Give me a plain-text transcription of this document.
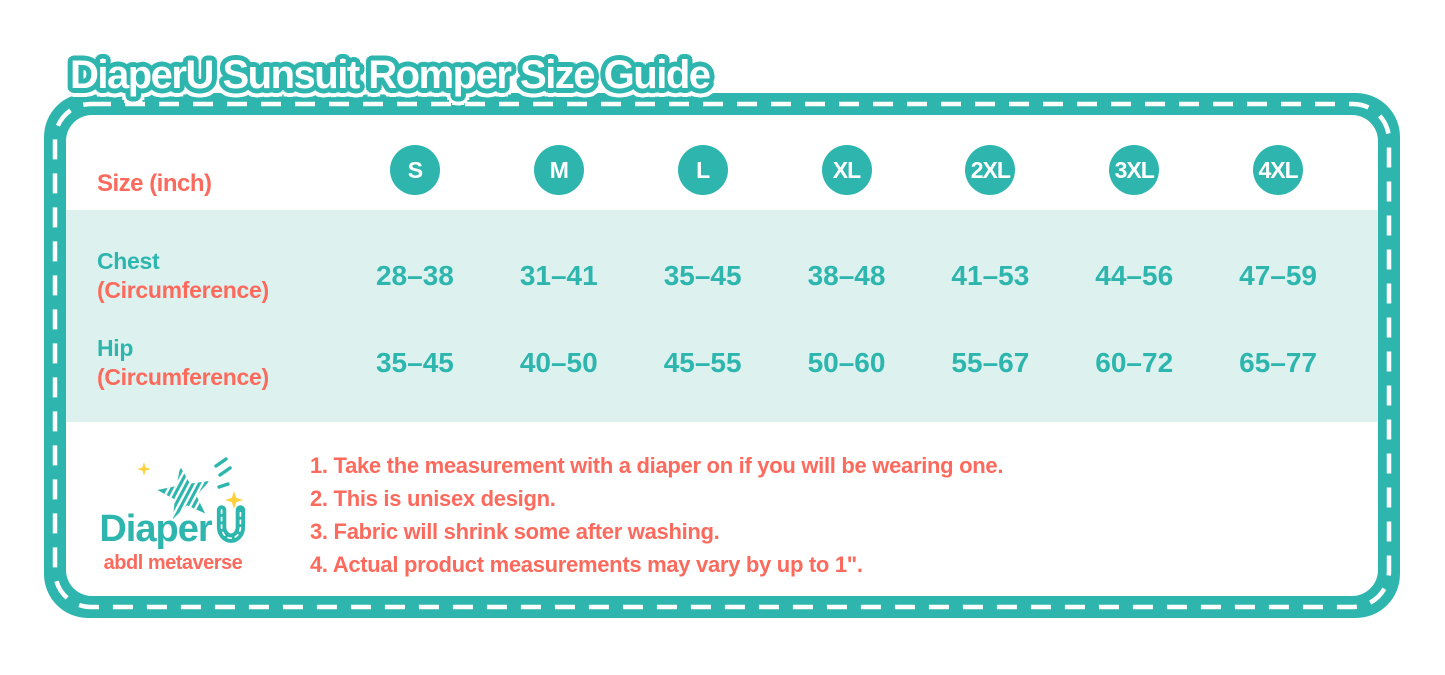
DiaperU Sunsuit Romper Size Guide
Size (inch)
S	M	L	XL	2XL	3XL	4XL
Chest
(Circumference)	28–38	31–41	35–45	38–48	41–53	44–56	47–59
Hip
(Circumference)	35–45	40–50	45–55	50–60	55–67	60–72	65–77
Diaper
abdl metaverse
1. Take the measurement with a diaper on if you will be wearing one.
2. This is unisex design.
3. Fabric will shrink some after washing.
4. Actual product measurements may vary by up to 1".
